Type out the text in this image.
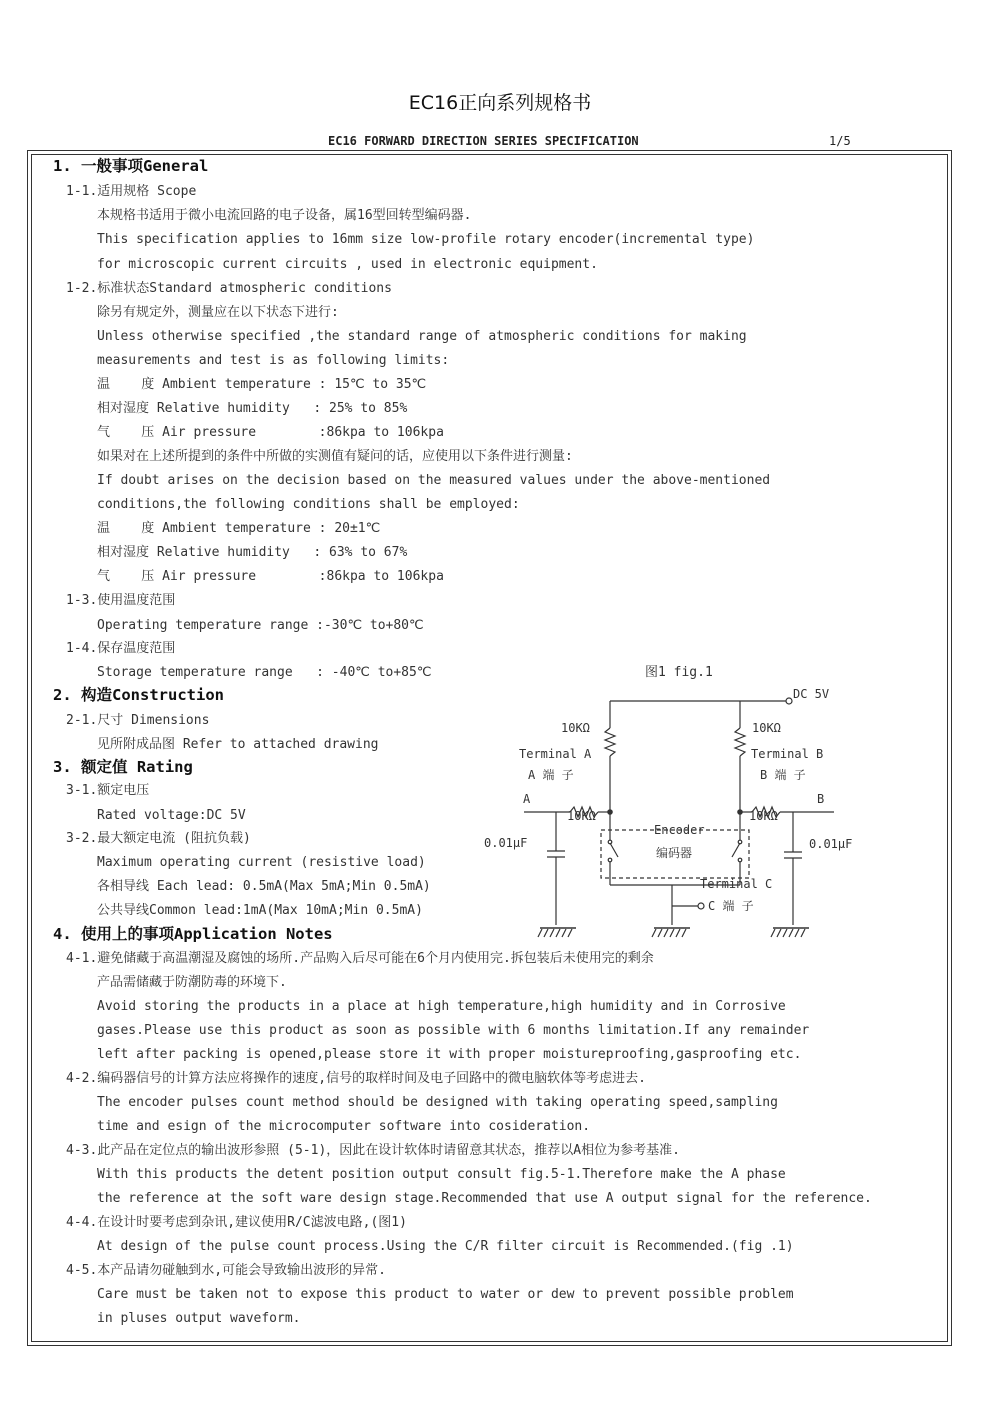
EC16正向系列规格书
EC16 FORWARD DIRECTION SERIES SPECIFICATION	1/5
1. 一般事项General
1-1.适用规格 Scope
本规格书适用于微小电流回路的电子设备，属16型回转型编码器.
This specification applies to 16mm size low-profile rotary encoder(incremental type)
for microscopic current circuits , used in electronic equipment.
1-2.标准状态Standard atmospheric conditions
除另有规定外，测量应在以下状态下进行:
Unless otherwise specified ,the standard range of atmospheric conditions for making
measurements and test is as following limits:
温    度 Ambient temperature : 15℃ to 35℃
相对湿度 Relative humidity   : 25% to 85%
气    压 Air pressure        :86kpa to 106kpa
如果对在上述所提到的条件中所做的实测值有疑问的话，应使用以下条件进行测量:
If doubt arises on the decision based on the measured values under the above-mentioned
conditions,the following conditions shall be employed:
温    度 Ambient temperature : 20±1℃
相对湿度 Relative humidity   : 63% to 67%
气    压 Air pressure        :86kpa to 106kpa
1-3.使用温度范围
Operating temperature range :-30℃ to+80℃
1-4.保存温度范围
Storage temperature range   : -40℃ to+85℃	图1 fig.1
2. 构造Construction
2-1.尺寸 Dimensions
见所附成品图 Refer to attached drawing
3. 额定值 Rating
3-1.额定电压
Rated voltage:DC 5V
3-2.最大额定电流 (阻抗负载)
Maximum operating current (resistive load)
各相导线 Each lead: 0.5mA(Max 5mA;Min 0.5mA)
公共导线Common lead:1mA(Max 10mA;Min 0.5mA)
4. 使用上的事项Application Notes
4-1.避免储藏于高温潮湿及腐蚀的场所.产品购入后尽可能在6个月内使用完.拆包装后未使用完的剩余
产品需储藏于防潮防毒的环境下.
Avoid storing the products in a place at high temperature,high humidity and in Corrosive
gases.Please use this product as soon as possible with 6 months limitation.If any remainder
left after packing is opened,please store it with proper moistureproofing,gasproofing etc.
4-2.编码器信号的计算方法应将操作的速度,信号的取样时间及电子回路中的微电脑软体等考虑进去.
The encoder pulses count method should be designed with taking operating speed,sampling
time and esign of the microcomputer software into cosideration.
4-3.此产品在定位点的输出波形参照 (5-1)，因此在设计软体时请留意其状态，推荐以A相位为参考基准.
With this products the detent position output consult fig.5-1.Therefore make the A phase
the reference at the soft ware design stage.Recommended that use A output signal for the reference.
4-4.在设计时要考虑到杂讯,建议使用R/C滤波电路,(图1)
At design of the pulse count process.Using the C/R filter circuit is Recommended.(fig .1)
4-5.本产品请勿碰触到水,可能会导致输出波形的异常.
Care must be taken not to expose this product to water or dew to prevent possible problem
in pluses output waveform.
DC 5V
10KΩ
Terminal A
A 端 子
10KΩ
Terminal B
B 端 子
A
10KΩ
B
10KΩ
0.01μF	0.01μF
Encoder
编码器
Terminal C
C 端 子
